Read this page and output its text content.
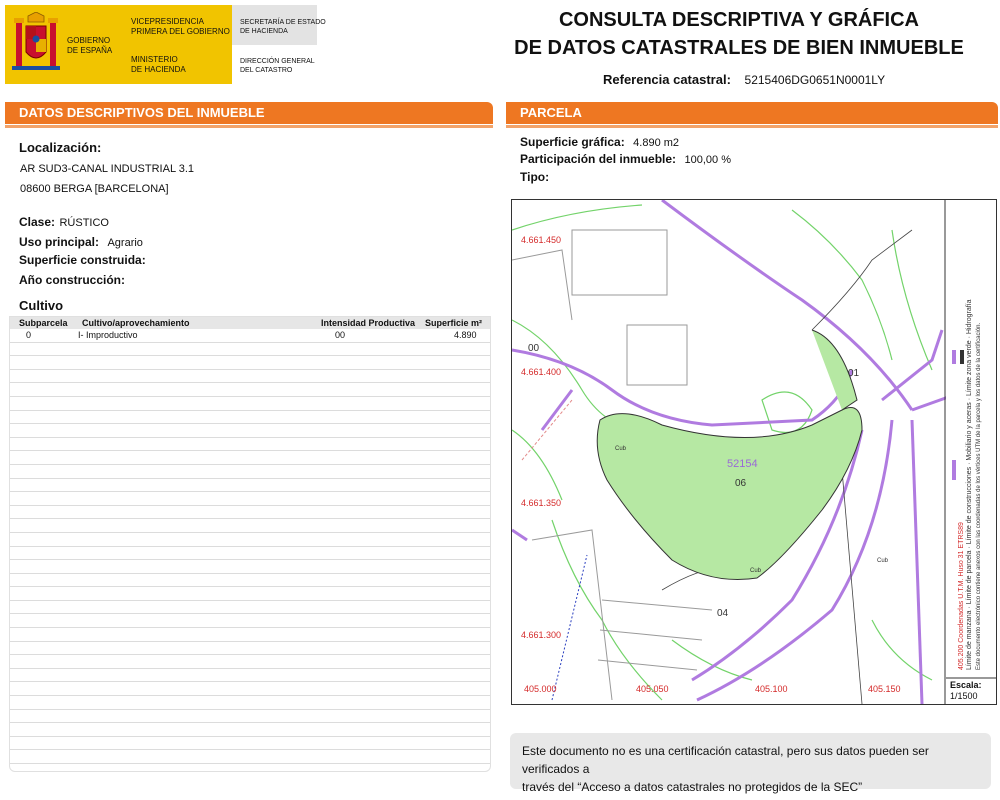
GOBIERNO
DE ESPAÑA
VICEPRESIDENCIA
PRIMERA DEL GOBIERNO
MINISTERIO
DE HACIENDA
SECRETARÍA DE ESTADO
DE HACIENDA
DIRECCIÓN GENERAL
DEL CATASTRO
CONSULTA DESCRIPTIVA Y GRÁFICA
DE DATOS CATASTRALES DE BIEN INMUEBLE
Referencia catastral: 5215406DG0651N0001LY
DATOS DESCRIPTIVOS DEL INMUEBLE
Localización:
AR SUD3-CANAL INDUSTRIAL 3.1
08600 BERGA [BARCELONA]
Clase: RÚSTICO
Uso principal: Agrario
Superficie construida:
Año construcción:
Cultivo
Subparcela Cultivo/aprovechamiento	Intensidad Productiva Superficie m²
0	I- Improductivo	00	4.890
PARCELA
Superficie gráfica: 4.890 m2
Participación del inmueble: 100,00 %
Tipo:
4.661.450
4.661.400
4.661.350
4.661.300
405.000	405.050	405.100	405.150
52154
06
00
01
04
Cub
Cub
Cub
Límite de manzana · Límite de parcela · Límite de construcciones · Mobiliario y aceras · Límite zona verde · Hidrografía
Este documento electrónico contiene anexos con las coordenadas de los vértices UTM de la parcela y los datos de la certificación.
405.200 Coordenadas U.T.M. Huso 31 ETRS89
Escala:
1/1500
Este documento no es una certificación catastral, pero sus datos pueden ser verificados a
través del “Acceso a datos catastrales no protegidos de la SEC”
